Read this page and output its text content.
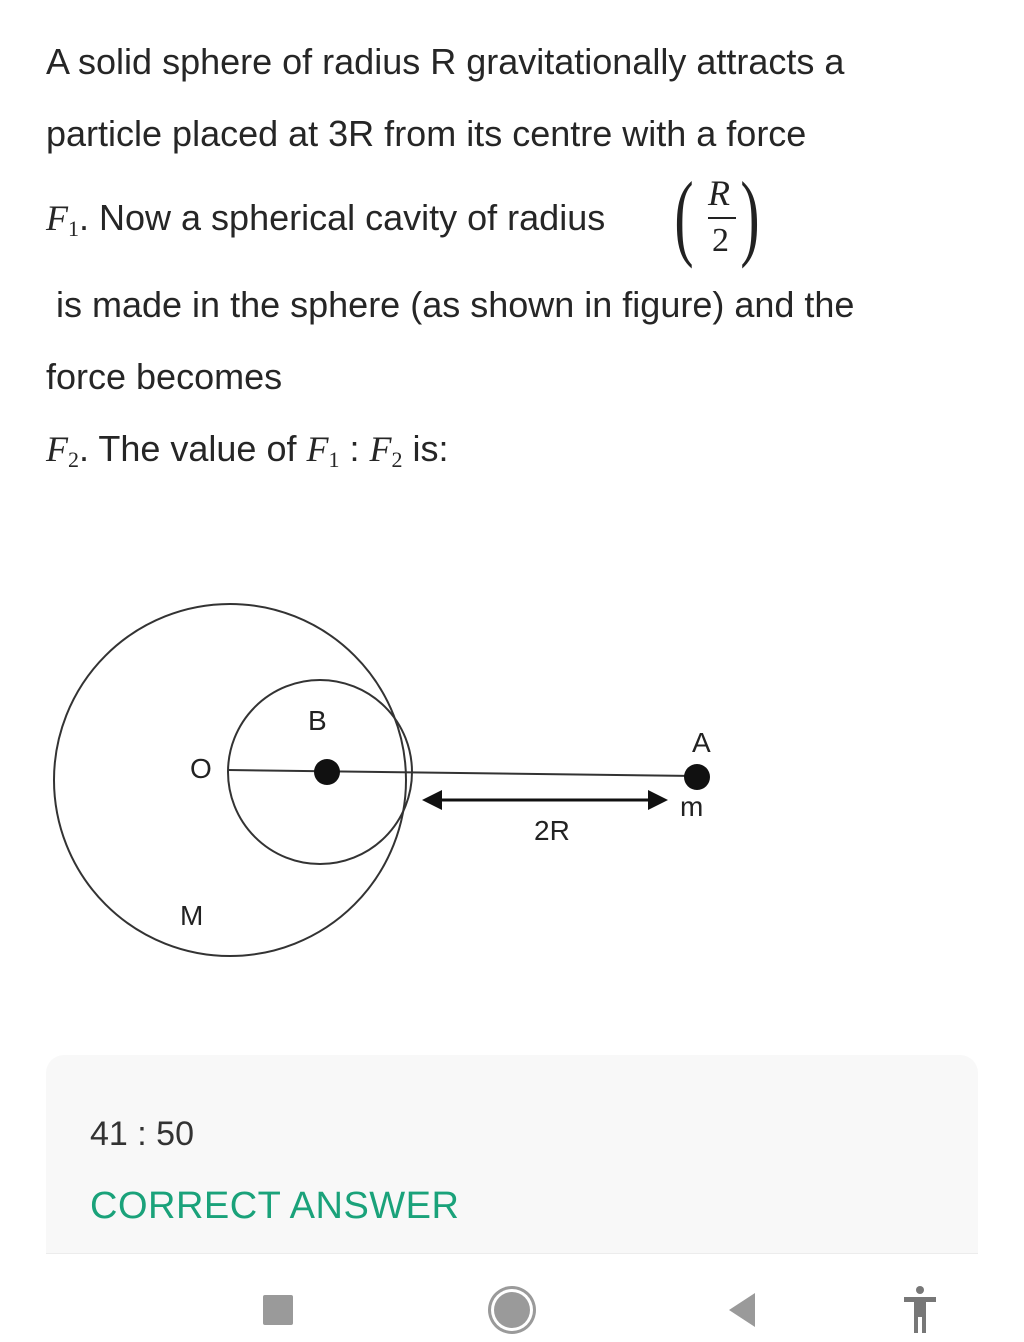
A solid sphere of radius R gravitationally attracts a
particle placed at 3R from its centre with a force
$F_1$. Now a spherical cavity of radius ( R
2 )
is made in the sphere (as shown in figure) and the
force becomes
$F_2$. The value of $F_1$ : $F_2$ is:
O
B
A
m
2R
M
41 : 50
CORRECT ANSWER
